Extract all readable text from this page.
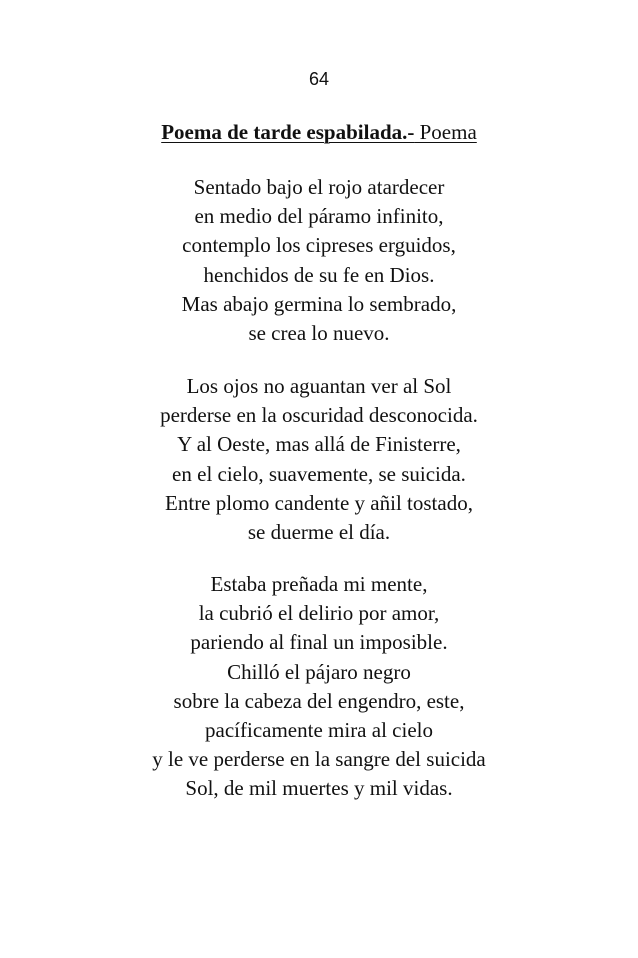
64
Poema de tarde espabilada.- Poema
Sentado bajo el rojo atardecer
en medio del páramo infinito,
contemplo los cipreses erguidos,
henchidos de su fe en Dios.
Mas abajo germina lo sembrado,
se crea lo nuevo.
Los ojos no aguantan ver al Sol
perderse en la oscuridad desconocida.
Y al Oeste, mas allá de Finisterre,
en el cielo, suavemente, se suicida.
Entre plomo candente y añil tostado,
se duerme el día.
Estaba preñada mi mente,
la cubrió el delirio por amor,
pariendo al final un imposible.
Chilló el pájaro negro
sobre la cabeza del engendro, este,
pacíficamente mira al cielo
y le ve perderse en la sangre del suicida
Sol, de mil muertes y mil vidas.
